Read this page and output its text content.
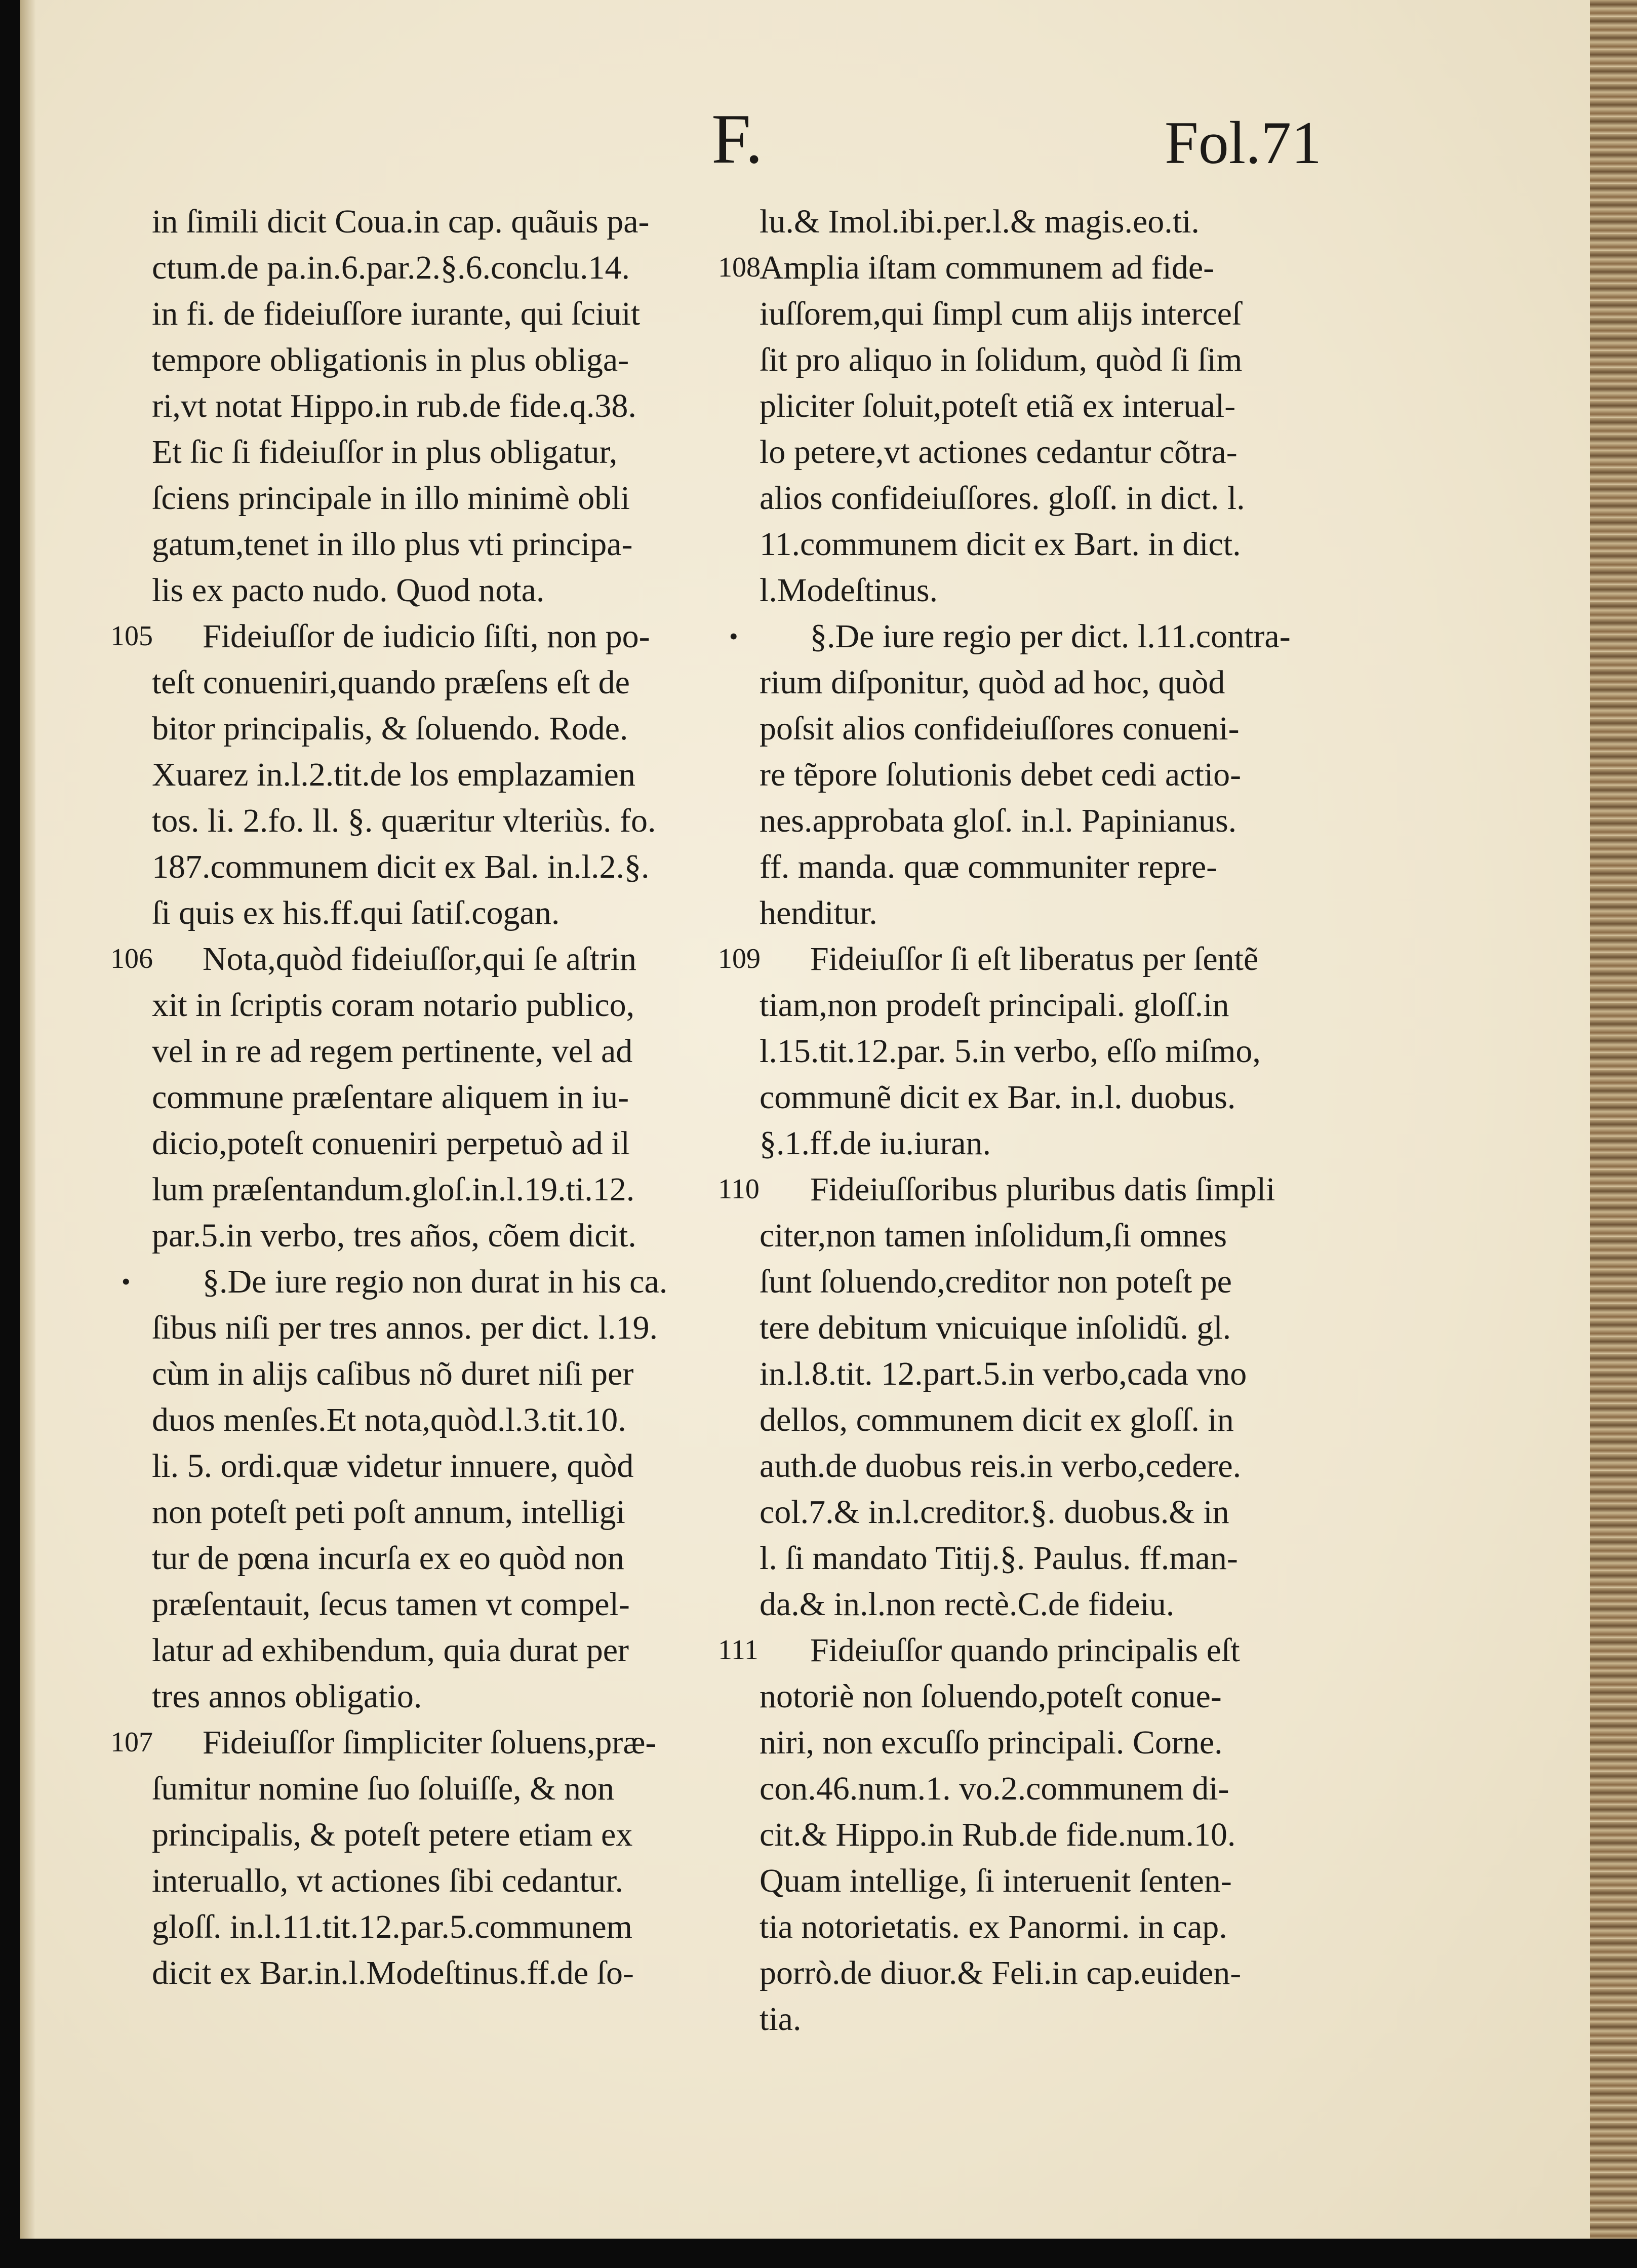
F.	Fol.71
in ſimili dicit Coua.in cap. quãuis pa-
ctum.de pa.in.6.par.2.§.6.conclu.14.
in fi. de fideiuſſore iurante, qui ſciuit
tempore obligationis in plus obliga-
ri,vt notat Hippo.in rub.de fide.q.38.
Et ſic ſi fideiuſſor in plus obligatur,
ſciens principale in illo minimè obli
gatum,tenet in illo plus vti principa-
lis ex pacto nudo. Quod nota.
105 Fideiuſſor de iudicio ſiſti, non po-
teſt conueniri,quando præſens eſt de
bitor principalis, & ſoluendo. Rode.
Xuarez in.l.2.tit.de los emplazamien
tos. li. 2.fo. ll. §. quæritur vlteriùs. fo.
187.communem dicit ex Bal. in.l.2.§.
ſi quis ex his.ff.qui ſatiſ.cogan.
106 Nota,quòd fideiuſſor,qui ſe aſtrin
xit in ſcriptis coram notario publico,
vel in re ad regem pertinente, vel ad
commune præſentare aliquem in iu-
dicio,poteſt conueniri perpetuò ad il
lum præſentandum.gloſ.in.l.19.ti.12.
par.5.in verbo, tres años, cõem dicit.
• §.De iure regio non durat in his ca.
ſibus niſi per tres annos. per dict. l.19.
cùm in alijs caſibus nõ duret niſi per
duos menſes.Et nota,quòd.l.3.tit.10.
li. 5. ordi.quæ videtur innuere, quòd
non poteſt peti poſt annum, intelligi
tur de pœna incurſa ex eo quòd non
præſentauit, ſecus tamen vt compel-
latur ad exhibendum, quia durat per
tres annos obligatio.
107 Fideiuſſor ſimpliciter ſoluens,præ-
ſumitur nomine ſuo ſoluiſſe, & non
principalis, & poteſt petere etiam ex
interuallo, vt actiones ſibi cedantur.
gloſſ. in.l.11.tit.12.par.5.communem
dicit ex Bar.in.l.Modeſtinus.ff.de ſo-
lu.& Imol.ibi.per.l.& magis.eo.ti.
108
Amplia iſtam communem ad fide-
iuſſorem,qui ſimpl cum alijs interceſ
ſit pro aliquo in ſolidum, quòd ſi ſim
pliciter ſoluit,poteſt etiã ex interual-
lo petere,vt actiones cedantur cõtra-
alios confideiuſſores. gloſſ. in dict. l.
11.communem dicit ex Bart. in dict.
l.Modeſtinus.
• §.De iure regio per dict. l.11.contra-
rium diſponitur, quòd ad hoc, quòd
poſsit alios confideiuſſores conueni-
re tẽpore ſolutionis debet cedi actio-
nes.approbata gloſ. in.l. Papinianus.
ff. manda. quæ communiter repre-
henditur.
109 Fideiuſſor ſi eſt liberatus per ſentẽ
tiam,non prodeſt principali. gloſſ.in
l.15.tit.12.par. 5.in verbo, eſſo miſmo,
communẽ dicit ex Bar. in.l. duobus.
§.1.ff.de iu.iuran.
110 Fideiuſſoribus pluribus datis ſimpli
citer,non tamen inſolidum,ſi omnes
ſunt ſoluendo,creditor non poteſt pe
tere debitum vnicuique inſolidũ. gl.
in.l.8.tit. 12.part.5.in verbo,cada vno
dellos, communem dicit ex gloſſ. in
auth.de duobus reis.in verbo,cedere.
col.7.& in.l.creditor.§. duobus.& in
l. ſi mandato Titij.§. Paulus. ff.man-
da.& in.l.non rectè.C.de fideiu.
111	Fideiuſſor quando principalis eſt
notoriè non ſoluendo,poteſt conue-
niri, non excuſſo principali. Corne.
con.46.num.1. vo.2.communem di-
cit.& Hippo.in Rub.de fide.num.10.
Quam intellige, ſi interuenit ſenten-
tia notorietatis. ex Panormi. in cap.
porrò.de diuor.& Feli.in cap.euiden-
tia.
